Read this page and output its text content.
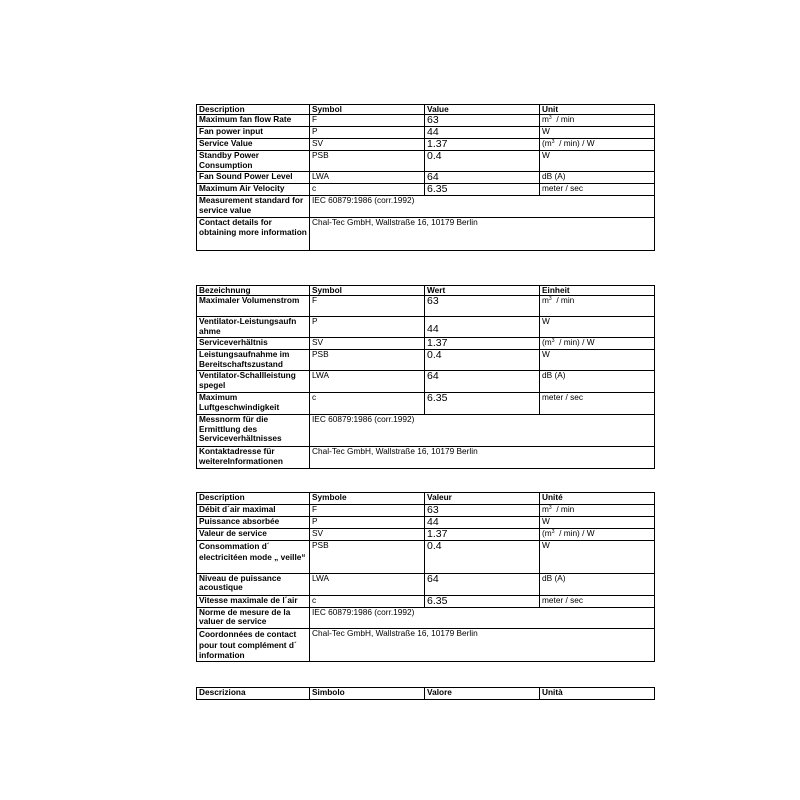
Description	Symbol	Value	Unit
Maximum fan flow Rate	F	63	$m^3$  / min
Fan power input	P	44	W
Service Value	SV	1.37	$(m^3 / \min)$ / W
Standby Power Consumption	PSB	0.4	W
Fan Sound Power Level	LWA	64	dB (A)
Maximum Air Velocity	c	6.35	meter / sec
Measurement standard for service value	IEC 60879:1986 (corr.1992)		
Contact details for obtaining more information	Chal-Tec GmbH, Wallstraße 16, 10179 Berlin		
Bezeichnung	Symbol	Wert	Einheit
Maximaler Volumenstrom	F	63	$m^3$  / min
Ventilator-Leistungsaufn ahme	P	44	W
Serviceverhältnis	SV	1.37	$(m^3 / \min)$ / W
Leistungsaufnahme im Bereitschaftszustand	PSB	0.4	W
Ventilator-Schallleistung spegel	LWA	64	dB (A)
Maximum Luftgeschwindigkeit	c	6.35	meter / sec
Messnorm für die Ermittlung des Serviceverhältnisses	IEC 60879:1986 (corr.1992)		
Kontaktadresse für weitereInformationen	Chal-Tec GmbH, Wallstraße 16, 10179 Berlin		
Description	Symbole	Valeur	Unité
Débit d´air maximal	F	63	$m^3$  / min
Puissance absorbée	P	44	W
Valeur de service	SV	1.37	$(m^3 / \min)$ / W
Consommation d´ electricitéen mode „ veille“	PSB	0.4	W
Niveau de puissance acoustique	LWA	64	dB (A)
Vitesse maximale de l´air	c	6.35	meter / sec
Norme de mesure de la valuer de service	IEC 60879:1986 (corr.1992)		
Coordonnées de contact pour tout complément d´ information	Chal-Tec GmbH, Wallstraße 16, 10179 Berlin		
Descriziona	Simbolo	Valore	Unità
